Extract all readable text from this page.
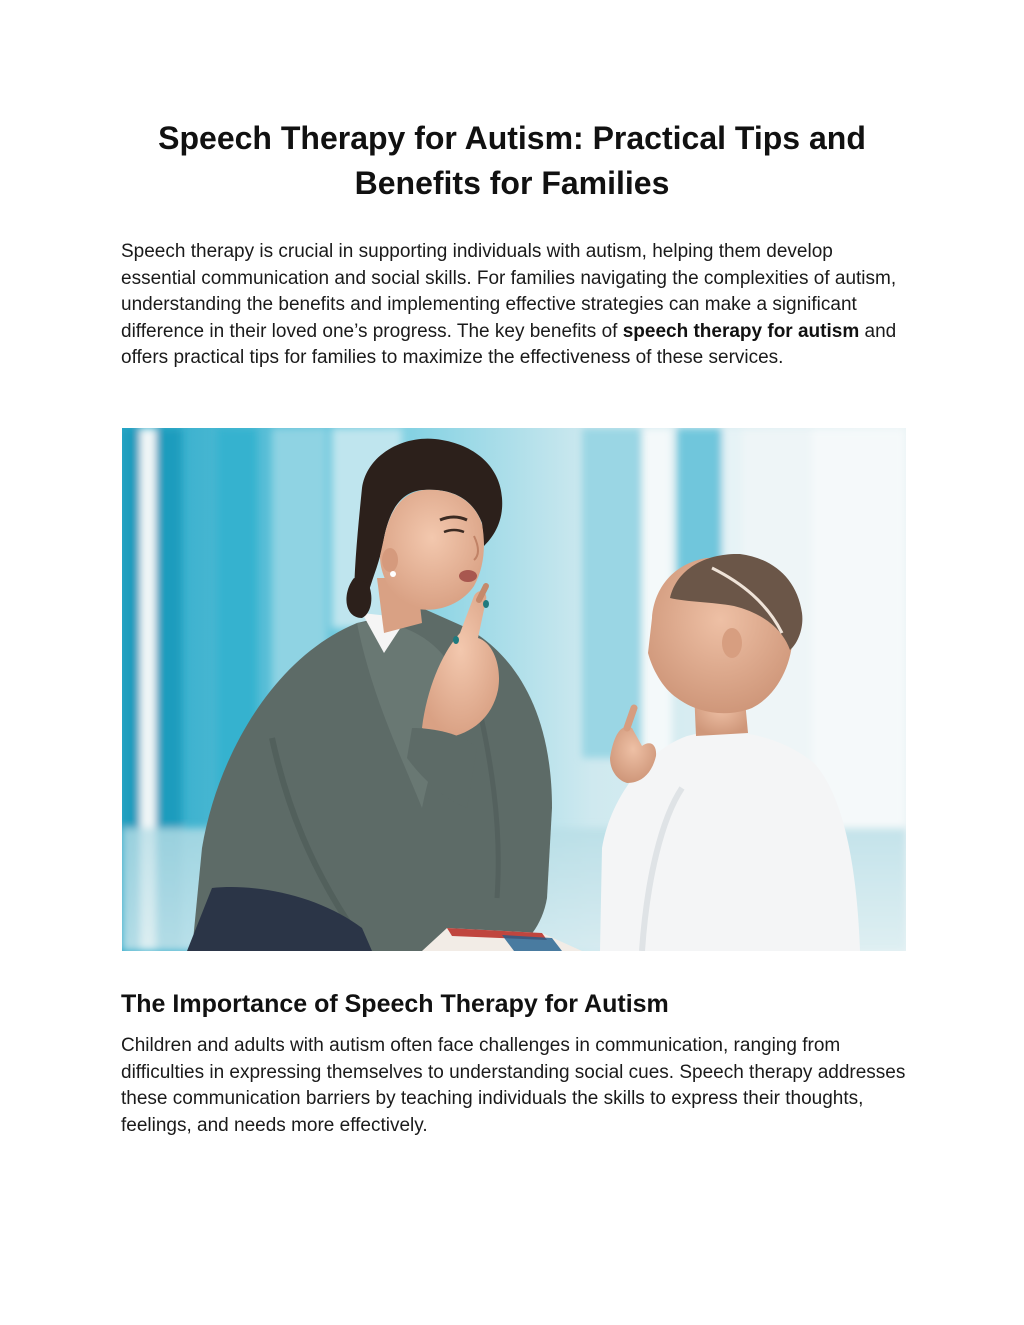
Speech Therapy for Autism: Practical Tips and Benefits for Families

Speech therapy is crucial in supporting individuals with autism, helping them develop essential communication and social skills. For families navigating the complexities of autism, understanding the benefits and implementing effective strategies can make a significant difference in their loved one’s progress. The key benefits of speech therapy for autism and offers practical tips for families to maximize the effectiveness of these services.

The Importance of Speech Therapy for Autism

Children and adults with autism often face challenges in communication, ranging from difficulties in expressing themselves to understanding social cues. Speech therapy addresses these communication barriers by teaching individuals the skills to express their thoughts, feelings, and needs more effectively.
